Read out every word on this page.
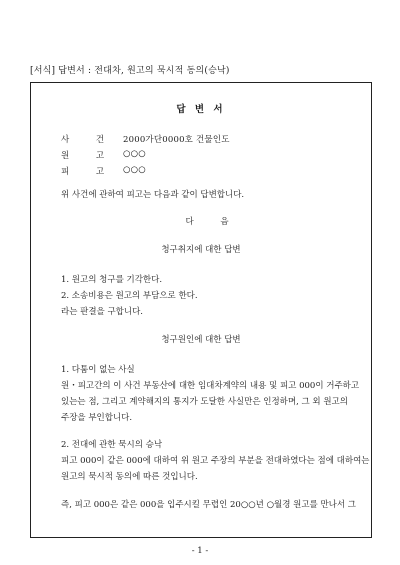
[서식] 답변서 : 전대차, 원고의 묵시적 동의(승낙)
답 변 서
사 건 2000가단0000호 건물인도
원 고 ○○○
피 고 ○○○
위 사건에 관하여 피고는 다음과 같이 답변합니다.
다 음
청구취지에 대한 답변
1. 원고의 청구를 기각한다.
2. 소송비용은 원고의 부담으로 한다.
라는 판결을 구합니다.
청구원인에 대한 답변
1. 다툼이 없는 사실
원・피고간의 이 사건 부동산에 대한 임대차계약의 내용 및 피고 000이 거주하고
있는는 점, 그리고 계약해지의 통지가 도달한 사실만은 인정하며, 그 외 원고의
주장을 부인합니다.
2. 전대에 관한 묵시의 승낙
피고 000이 같은 000에 대하여 위 원고 주장의 부분을 전대하였다는 점에 대하여는
원고의 묵시적 동의에 따른 것입니다.
즉, 피고 000은 같은 000을 입주시킬 무렵인 20○○년 ○월경 원고를 만나서 그
- 1 -
